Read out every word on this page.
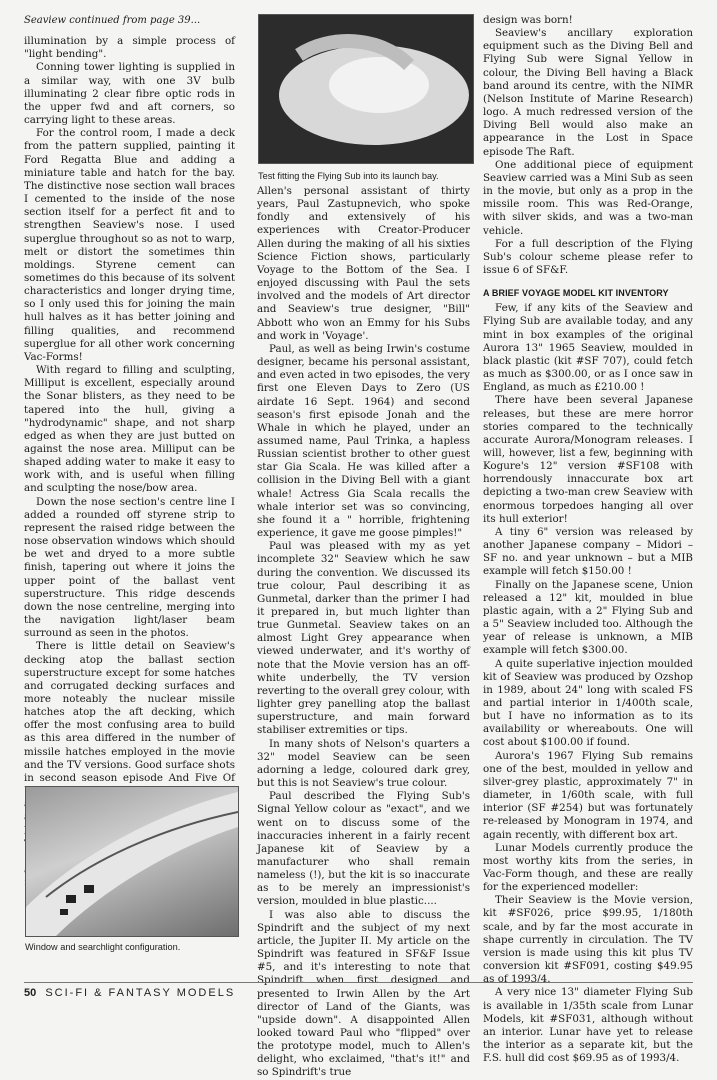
Seaview continued from page 39...

illumination by a simple process of "light bending".

Conning tower lighting is supplied in a similar way, with one 3V bulb illuminating 2 clear fibre optic rods in the upper fwd and aft corners, so carrying light to these areas.

For the control room, I made a deck from the pattern supplied, painting it Ford Regatta Blue and adding a miniature table and hatch for the bay. The distinctive nose section wall braces I cemented to the inside of the nose section itself for a perfect fit and to strengthen Seaview's nose. I used superglue throughout so as not to warp, melt or distort the sometimes thin moldings. Styrene cement can sometimes do this because of its solvent characteristics and longer drying time, so I only used this for joining the main hull halves as it has better joining and filling qualities, and recommend superglue for all other work concerning Vac-Forms!

With regard to filling and sculpting, Milliput is excellent, especially around the Sonar blisters, as they need to be tapered into the hull, giving a "hydrodynamic" shape, and not sharp edged as when they are just butted on against the nose area. Milliput can be shaped adding water to make it easy to work with, and is useful when filling and sculpting the nose/bow area.

Down the nose section's centre line I added a rounded off styrene strip to represent the raised ridge between the nose observation windows which should be wet and dryed to a more subtle finish, tapering out where it joins the upper point of the ballast vent superstructure. This ridge descends down the nose centreline, merging into the navigation light/laser beam surround as seen in the photos.

There is little detail on Seaview's decking atop the ballast section superstructure except for some hatches and corrugated decking surfaces and more noteably the nuclear missile hatches atop the aft decking, which offer the most confusing area to build as this area differed in the number of missile hatches employed in the movie and the TV versions. Good surface shots in second season episode And Five Of

Window and searchlight configuration.
Test fitting the Flying Sub into its launch bay.

Allen's personal assistant of thirty years, Paul Zastupnevich, who spoke fondly and extensively of his experiences with Creator-Producer Allen during the making of all his sixties Science Fiction shows, particularly Voyage to the Bottom of the Sea. I enjoyed discussing with Paul the sets involved and the models of Art director and Seaview's true designer, "Bill" Abbott who won an Emmy for his Subs and work in 'Voyage'.

Paul, as well as being Irwin's costume designer, became his personal assistant, and even acted in two episodes, the very first one Eleven Days to Zero (US airdate 16 Sept. 1964) and second season's first episode Jonah and the Whale in which he played, under an assumed name, Paul Trinka, a hapless Russian scientist brother to other guest star Gia Scala. He was killed after a collision in the Diving Bell with a giant whale! Actress Gia Scala recalls the whale interior set was so convincing, she found it a " horrible, frightening experience, it gave me goose pimples!"

Paul was pleased with my as yet incomplete 32" Seaview which he saw during the convention. We discussed its true colour, Paul describing it as Gunmetal, darker than the primer I had it prepared in, but much lighter than true Gunmetal. Seaview takes on an almost Light Grey appearance when viewed underwater, and it's worthy of note that the Movie version has an off-white underbelly, the TV version reverting to the overall grey colour, with lighter grey panelling atop the ballast superstructure, and main forward stabiliser extremities or tips.

In many shots of Nelson's quarters a 32" model Seaview can be seen adorning a ledge, coloured dark grey, but this is not Seaview's true colour.

Paul described the Flying Sub's Signal Yellow colour as "exact", and we went on to discuss some of the inaccuracies inherent in a fairly recent Japanese kit of Seaview by a manufacturer who shall remain nameless (!), but the kit is so inaccurate as to be merely an impressionist's version, moulded in blue plastic....

I was also able to discuss the Spindrift and the subject of my next article, the Jupiter II. My article on the Spindrift was featured in SF&F Issue #5, and it's interesting to note that Spindrift when first designed and presented to Irwin Allen by the Art director of Land of the Giants, was "upside down". A disappointed Allen looked toward Paul who "flipped" over the prototype model, much to Allen's delight, who exclaimed, "that's it!" and so Spindrift's true

design was born!

Seaview's ancillary exploration equipment such as the Diving Bell and Flying Sub were Signal Yellow in colour, the Diving Bell having a Black band around its centre, with the NIMR (Nelson Institute of Marine Research) logo. A much redressed version of the Diving Bell would also make an appearance in the Lost in Space episode The Raft.

One additional piece of equipment Seaview carried was a Mini Sub as seen in the movie, but only as a prop in the missile room. This was Red-Orange, with silver skids, and was a two-man vehicle.

For a full description of the Flying Sub's colour scheme please refer to issue 6 of SF&F.

A BRIEF VOYAGE MODEL KIT INVENTORY

Few, if any kits of the Seaview and Flying Sub are available today, and any mint in box examples of the original Aurora 13" 1965 Seaview, moulded in black plastic (kit #SF 707), could fetch as much as $300.00, or as I once saw in England, as much as £210.00 !

There have been several Japanese releases, but these are mere horror stories compared to the technically accurate Aurora/Monogram releases. I will, however, list a few, beginning with Kogure's 12" version #SF108 with horrendously innaccurate box art depicting a two-man crew Seaview with enormous torpedoes hanging all over its hull exterior!

A tiny 6" version was released by another Japanese company – Midori – SF no. and year unknown – but a MIB example will fetch $150.00 !

Finally on the Japanese scene, Union released a 12" kit, moulded in blue plastic again, with a 2" Flying Sub and a 5" Seaview included too. Although the year of release is unknown, a MIB example will fetch $300.00.

A quite superlative injection moulded kit of Seaview was produced by Ozshop in 1989, about 24" long with scaled FS and partial interior in 1/400th scale, but I have no information as to its availability or whereabouts. One will cost about $100.00 if found.

Aurora's 1967 Flying Sub remains one of the best, moulded in yellow and silver-grey plastic, approximately 7" in diameter, in 1/60th scale, with full interior (SF #254) but was fortunately re-released by Monogram in 1974, and again recently, with different box art.

Lunar Models currently produce the most worthy kits from the series, in Vac-Form though, and these are really for the experienced modeller:

Their Seaview is the Movie version, kit #SF026, price $99.95, 1/180th scale, and by far the most accurate in shape currently in circulation. The TV version is made using this kit plus TV conversion kit #SF091, costing $49.95 as of 1993/4.

A very nice 13" diameter Flying Sub is available in 1/35th scale from Lunar Models, kit #SF031, although without an interior. Lunar have yet to release the interior as a separate kit, but the F.S. hull did cost $69.95 as of 1993/4.

50 SCI-FI & FANTASY MODELS
